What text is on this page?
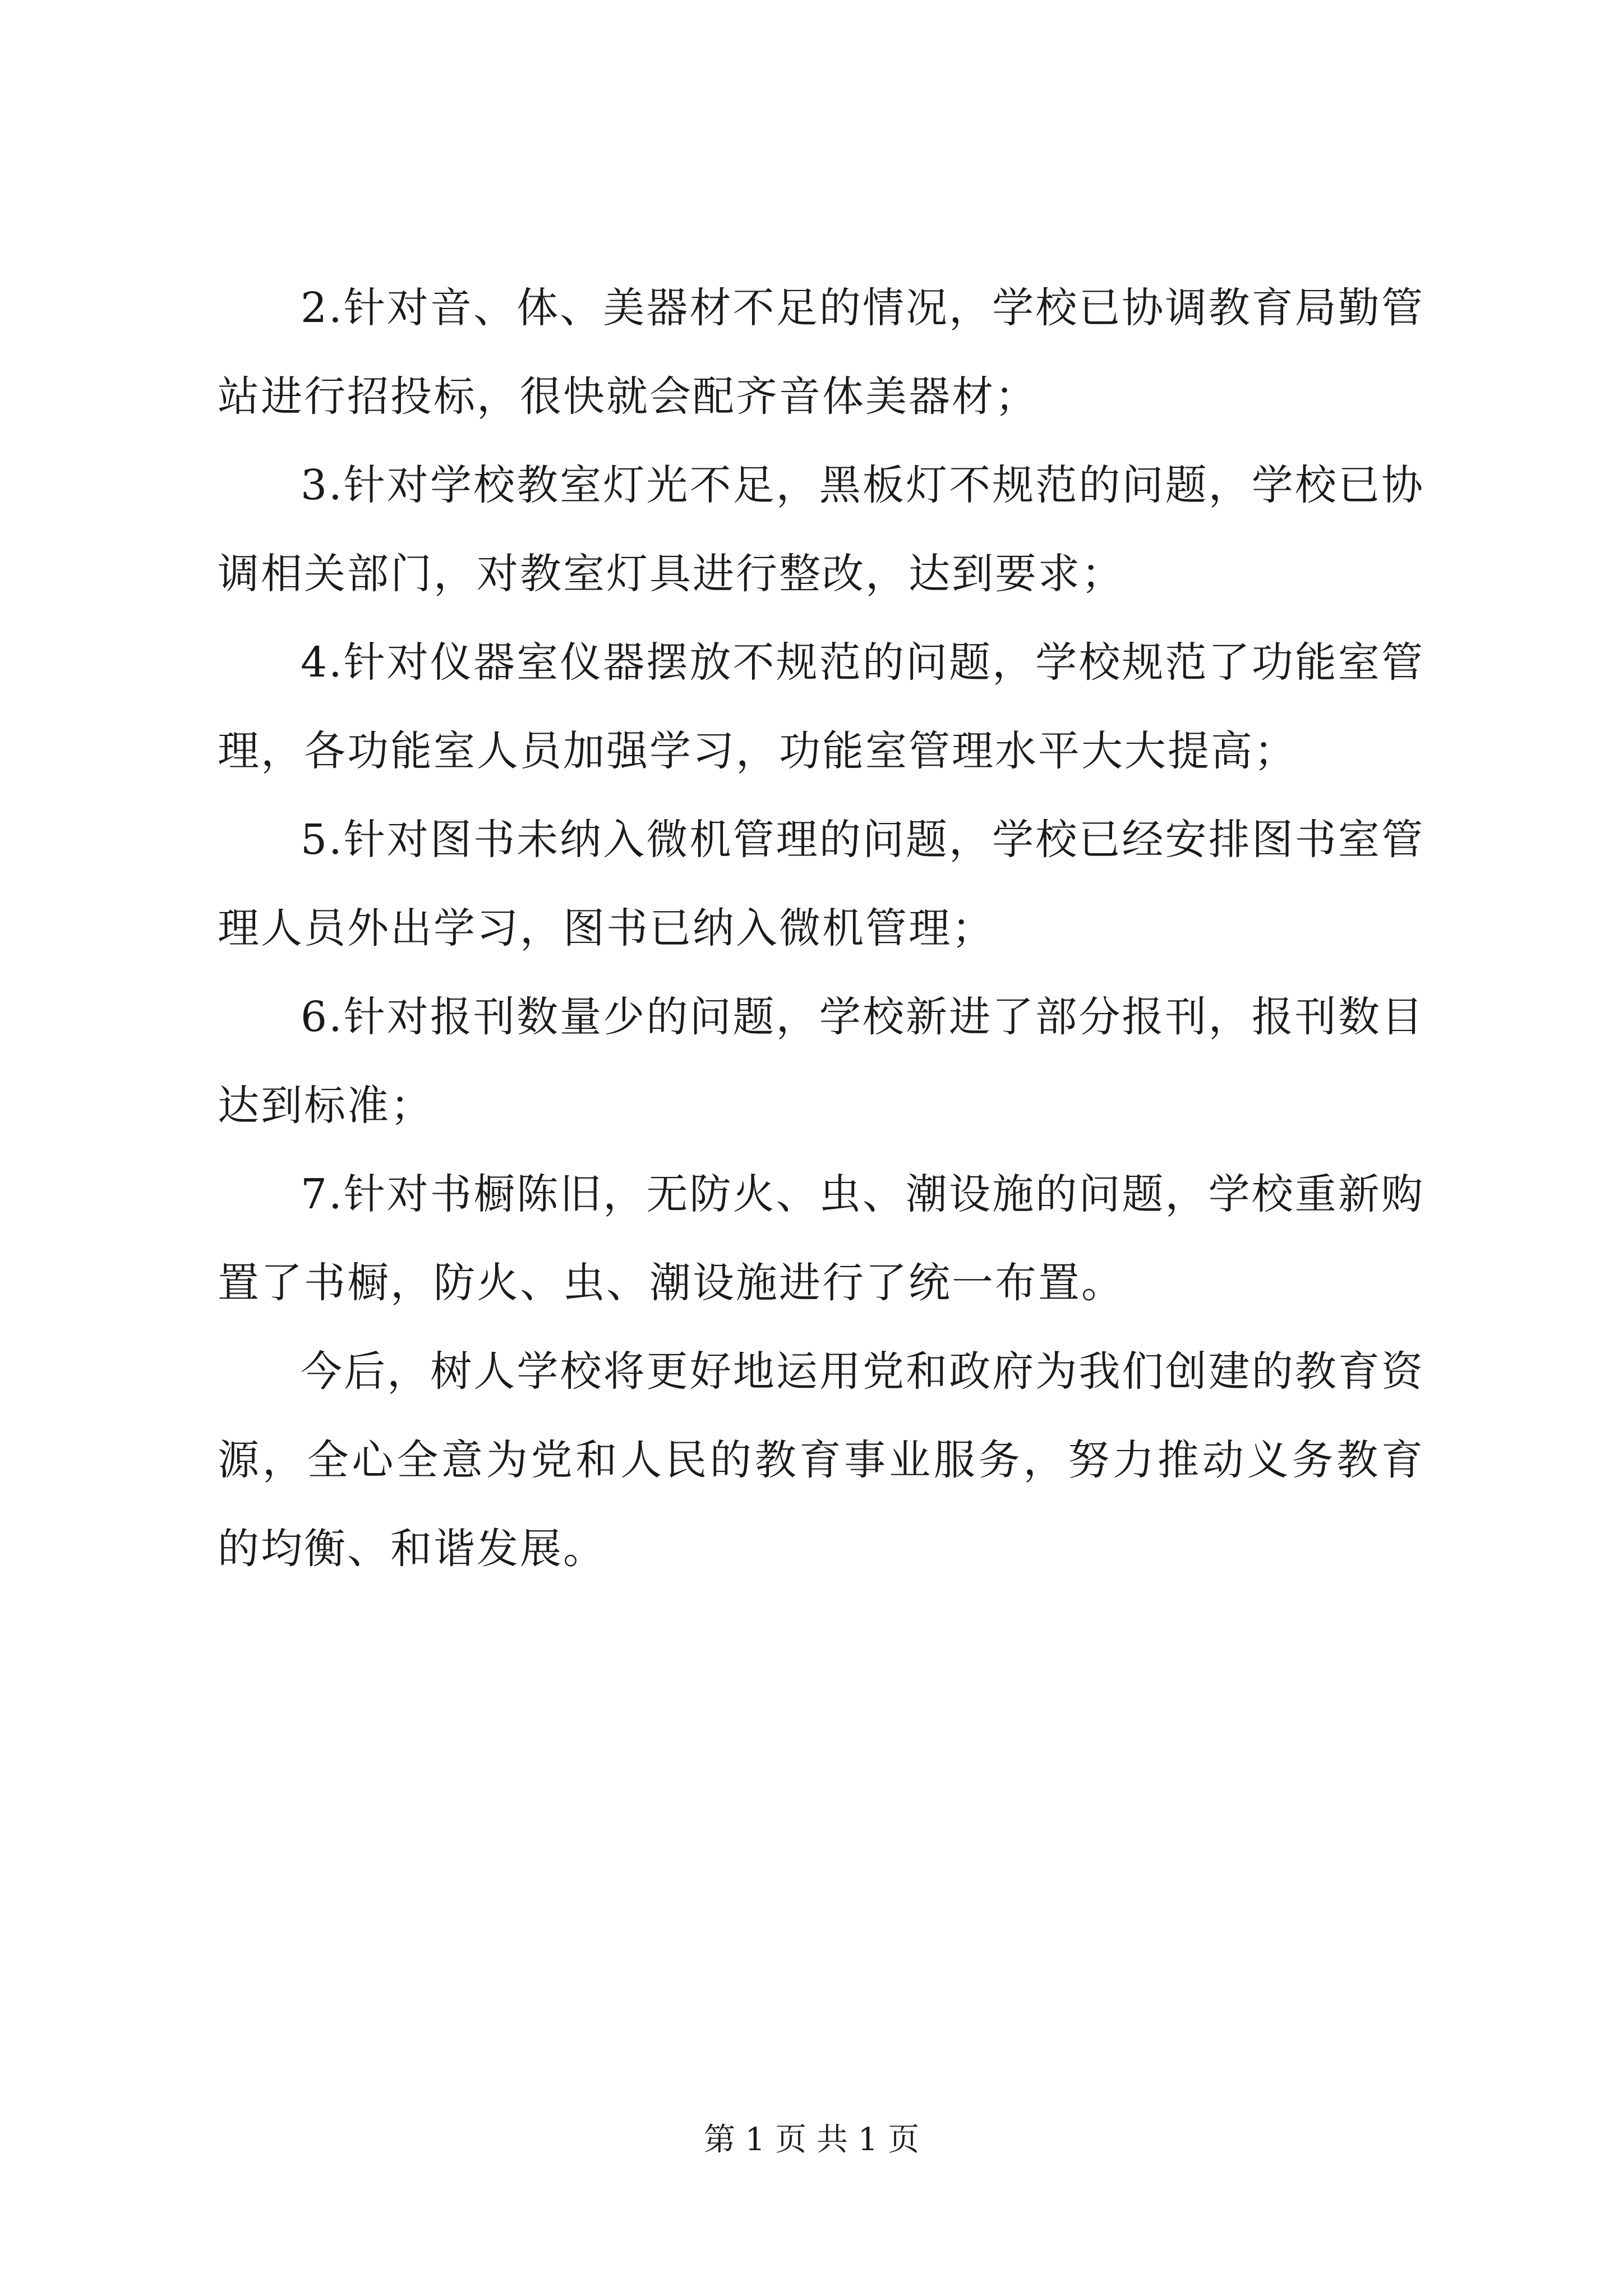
2.针对音、体、美器材不足的情况，学校已协调教育局勤管站进行招投标，很快就会配齐音体美器材；

3.针对学校教室灯光不足，黑板灯不规范的问题，学校已协调相关部门，对教室灯具进行整改，达到要求；

4.针对仪器室仪器摆放不规范的问题，学校规范了功能室管理，各功能室人员加强学习，功能室管理水平大大提高；

5.针对图书未纳入微机管理的问题，学校已经安排图书室管理人员外出学习，图书已纳入微机管理；

6.针对报刊数量少的问题，学校新进了部分报刊，报刊数目达到标准；

7.针对书橱陈旧，无防火、虫、潮设施的问题，学校重新购置了书橱，防火、虫、潮设施进行了统一布置。

今后，树人学校将更好地运用党和政府为我们创建的教育资源，全心全意为党和人民的教育事业服务，努力推动义务教育的均衡、和谐发展。

第 1 页 共 1 页
